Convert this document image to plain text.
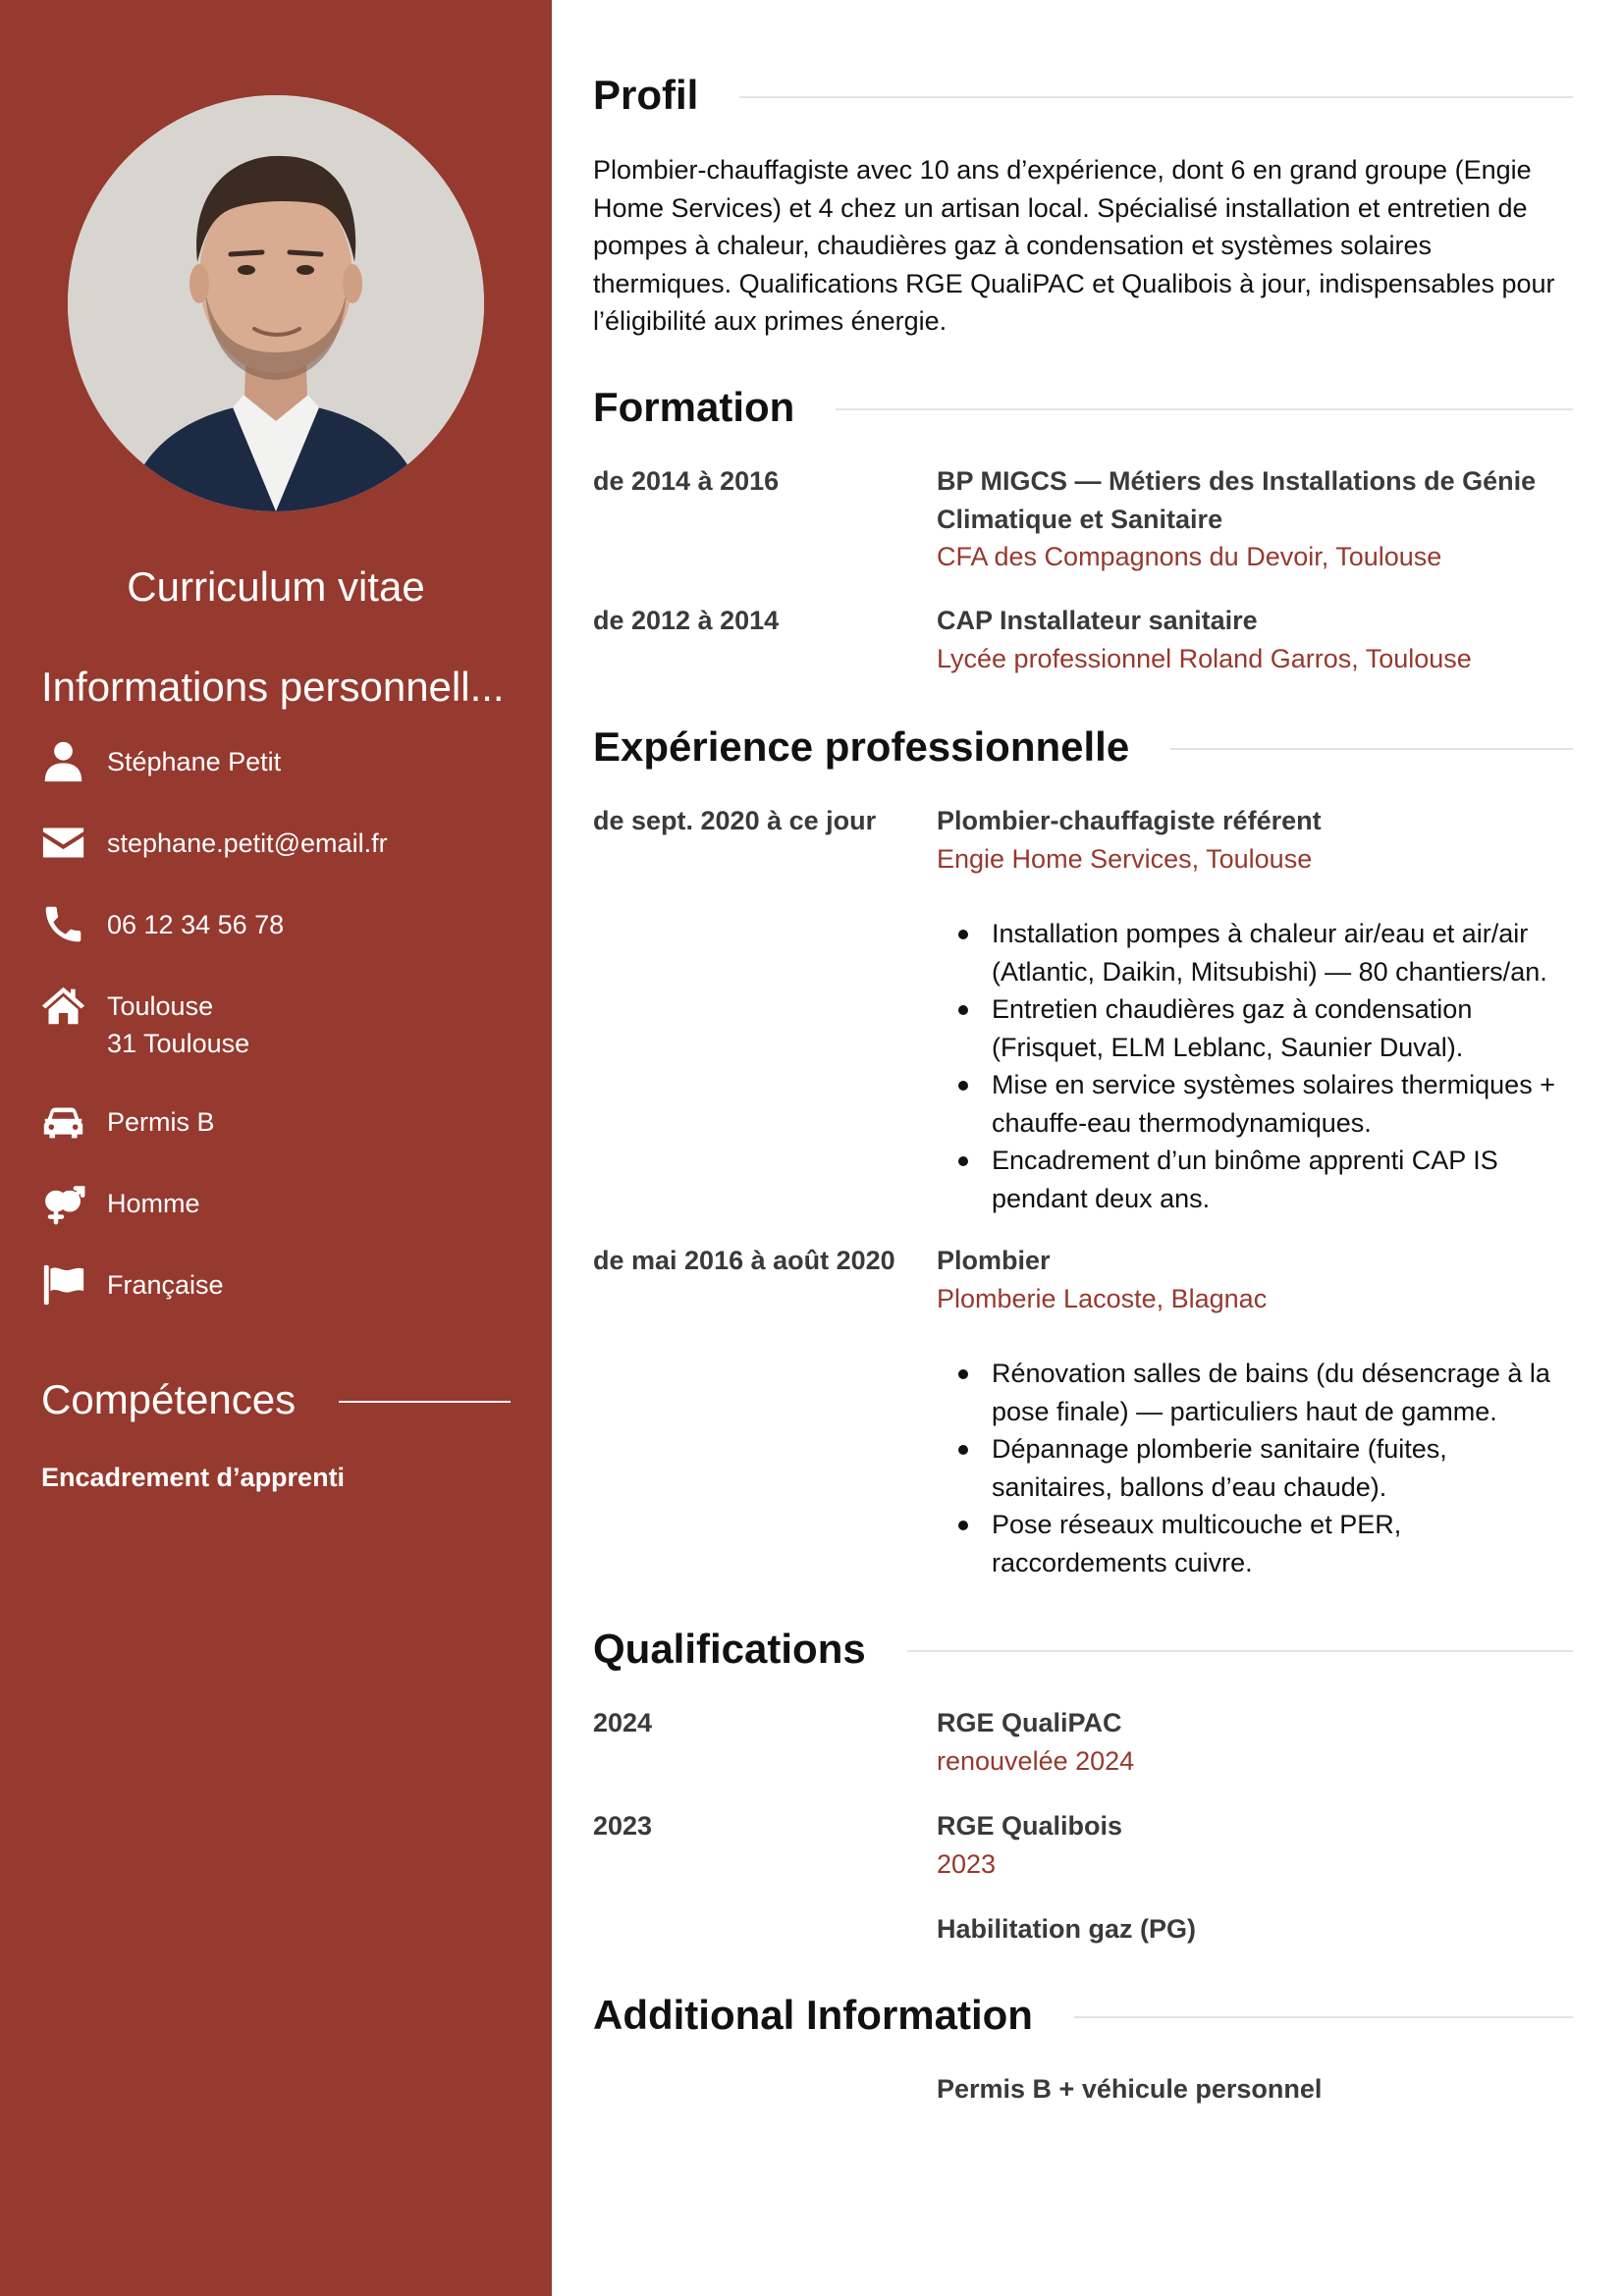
Curriculum vitae
Informations personnell...
Stéphane Petit
stephane.petit@email.fr
06 12 34 56 78
Toulouse
31 Toulouse
Permis B
Homme
Française
Compétences
Encadrement d’apprenti
Profil

Plombier-chauffagiste avec 10 ans d’expérience, dont 6 en grand groupe (Engie Home Services) et 4 chez un artisan local. Spécialisé installation et entretien de pompes à chaleur, chaudières gaz à condensation et systèmes solaires thermiques. Qualifications RGE QualiPAC et Qualibois à jour, indispensables pour l’éligibilité aux primes énergie.

Formation
de 2014 à 2016	BP MIGCS — Métiers des Installations de Génie Climatique et Sanitaire
CFA des Compagnons du Devoir, Toulouse
de 2012 à 2014	CAP Installateur sanitaire
Lycée professionnel Roland Garros, Toulouse
Expérience professionnelle
de sept. 2020 à ce jour	Plombier-chauffagiste référent
Engie Home Services, Toulouse
Installation pompes à chaleur air/eau et air/air (Atlantic, Daikin, Mitsubishi) — 80 chantiers/an.
Entretien chaudières gaz à condensation (Frisquet, ELM Leblanc, Saunier Duval).
Mise en service systèmes solaires thermiques + chauffe-eau thermodynamiques.
Encadrement d’un binôme apprenti CAP IS pendant deux ans.
de mai 2016 à août 2020	Plombier
Plomberie Lacoste, Blagnac
Rénovation salles de bains (du désencrage à la pose finale) — particuliers haut de gamme.
Dépannage plomberie sanitaire (fuites, sanitaires, ballons d’eau chaude).
Pose réseaux multicouche et PER, raccordements cuivre.
Qualifications
2024	RGE QualiPAC
renouvelée 2024
2023	RGE Qualibois
2023
Habilitation gaz (PG)
Additional Information
Permis B + véhicule personnel
